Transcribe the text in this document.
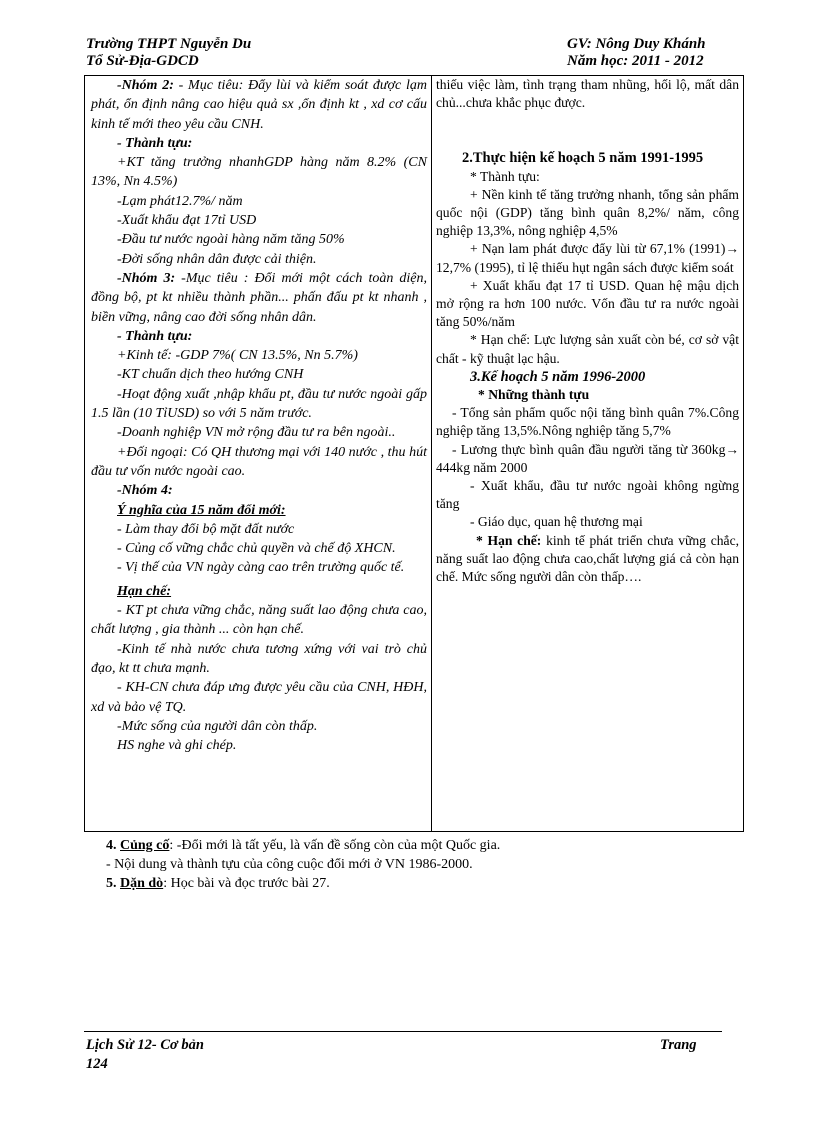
Trường THPT Nguyễn Du
Tổ Sử-Địa-GDCD
GV: Nông Duy Khánh
Năm học: 2011 - 2012

-Nhóm 2: - Mục tiêu: Đẩy lùi và kiểm soát được lạm phát, ổn định nâng cao hiệu quả sx ,ổn định kt , xd cơ cấu kinh tế mới theo yêu cầu CNH.

- Thành tựu:

+KT tăng trưởng nhanhGDP hàng năm 8.2% (CN 13%, Nn 4.5%)

-Lạm phát12.7%/ năm

-Xuất khẩu đạt 17tỉ USD

-Đầu tư nước ngoài hàng năm tăng 50%

-Đời sống nhân dân được cải thiện.

-Nhóm 3: -Mục tiêu : Đổi mới một cách toàn diện, đồng bộ, pt kt nhiều thành phần... phấn đấu pt kt nhanh , biền vững, nâng cao đời sống nhân dân.

- Thành tựu:

+Kinh tế: -GDP 7%( CN 13.5%, Nn 5.7%)

-KT chuẩn dịch theo hướng CNH

-Hoạt động xuất ,nhập khẩu pt, đầu tư nước ngoài gấp 1.5 lần (10 TỉUSD) so với 5 năm trước.

-Doanh nghiệp VN mở rộng đầu tư ra bên ngoài..

+Đối ngoại: Có QH thương mại với 140 nước , thu hút đầu tư vốn nước ngoài cao.

-Nhóm 4:

Ý nghĩa của 15 năm đổi mới:

- Làm thay đổi bộ mặt đất nước

- Củng cố vững chắc chủ quyền và chế độ XHCN.

- Vị thế của VN ngày càng cao trên trường quốc tế.

Hạn chế:

- KT pt chưa vững chắc, năng suất lao động chưa cao, chất lượng , gia thành ... còn hạn chế.

-Kinh tế nhà nước chưa tương xứng với vai trò chủ đạo, kt tt chưa mạnh.

- KH-CN chưa đáp ưng được yêu cầu của CNH, HĐH, xd và bảo vệ TQ.

-Mức sống của người dân còn thấp.

HS nghe và ghi chép.

thiếu việc làm, tình trạng tham nhũng, hối lộ, mất dân chủ...chưa khắc phục được.

2.Thực hiện kế hoạch 5 năm 1991-1995

* Thành tựu:

+ Nền kinh tế tăng trưởng nhanh, tổng sản phẩm quốc nội (GDP) tăng bình quân 8,2%/ năm, công nghiệp 13,3%, nông nghiệp 4,5%

+ Nạn lam phát được đẩy lùi từ 67,1% (1991)→ 12,7% (1995), tỉ lệ thiếu hụt ngân sách được kiểm soát

+ Xuất khẩu đạt 17 tỉ USD. Quan hệ mậu dịch mở rộng ra hơn 100 nước. Vốn đầu tư ra nước ngoài tăng 50%/năm

* Hạn chế: Lực lượng sản xuất còn bé, cơ sở vật chất - kỹ thuật lạc hậu.

3.Kế hoạch 5 năm 1996-2000

* Những thành tựu

- Tổng sản phẩm quốc nội tăng bình quân 7%.Công nghiệp tăng 13,5%.Nông nghiệp tăng 5,7%

- Lương thực bình quân đầu người tăng từ 360kg→ 444kg năm 2000

- Xuất khẩu, đầu tư nước ngoài không ngừng tăng

- Giáo dục, quan hệ thương mại

* Hạn chế: kinh tế phát triển chưa vững chắc, năng suất lao động chưa cao,chất lượng giá cả còn hạn chế. Mức sống người dân còn thấp….

4. Củng cố: -Đổi mới là tất yếu, là vấn đề sống còn của một Quốc gia.

- Nội dung và thành tựu của công cuộc đổi mới ở VN 1986-2000.

5. Dặn dò: Học bài và đọc trước bài 27.

Lịch Sử 12- Cơ bản
124
Trang
